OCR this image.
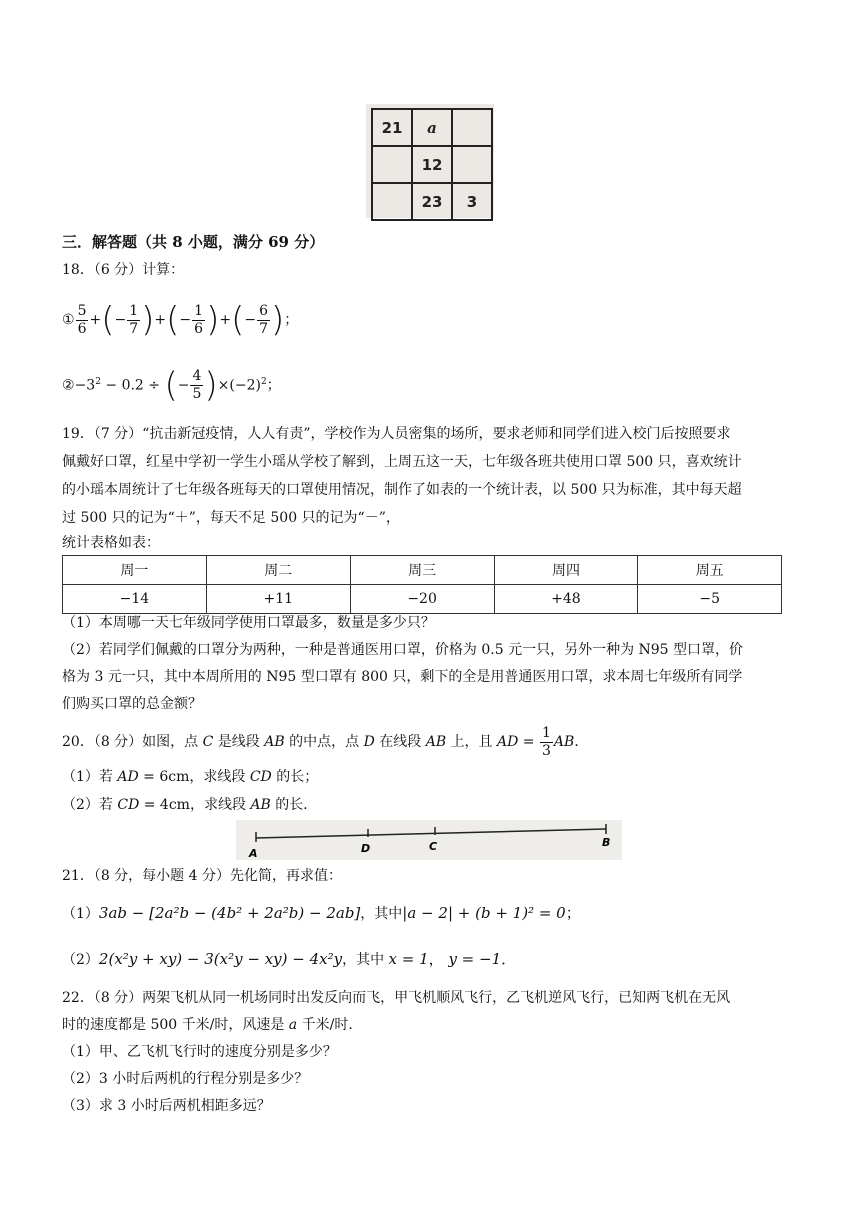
21	a	
	12	
	23	3
三．解答题（共 8 小题，满分 69 分）
18．（6 分）计算：
① $\frac{5}{6}$ +(− $\frac{1}{7}$ )+(− $\frac{1}{6}$ )+(− $\frac{6}{7}$ )；
$②-3^2 - 0.2$ ÷ (− $\frac{4}{5} )\times(-2)^2$；
19．（7 分）“抗击新冠疫情，人人有责”，学校作为人员密集的场所，要求老师和同学们进入校门后按照要求
佩戴好口罩，红星中学初一学生小瑶从学校了解到，上周五这一天，七年级各班共使用口罩 500 只，喜欢统计
的小瑶本周统计了七年级各班每天的口罩使用情况，制作了如表的一个统计表，以 500 只为标准，其中每天超
过 500 只的记为“＋”，每天不足 500 只的记为“－”，
统计表格如表：
周一	周二	周三	周四	周五
−14	+11	−20	+48	−5
（1）本周哪一天七年级同学使用口罩最多，数量是多少只？
（2）若同学们佩戴的口罩分为两种，一种是普通医用口罩，价格为 0.5 元一只，另外一种为 N95 型口罩，价
格为 3 元一只，其中本周所用的 N95 型口罩有 800 只，剩下的全是用普通医用口罩，求本周七年级所有同学
们购买口罩的总金额？
20．（8 分）如图，点 C 是线段 AB 的中点，点 D 在线段 AB 上，且 AD = $\frac{1}{3}$ AB．
（1）若 AD = 6cm，求线段 CD 的长；
（2）若 CD = 4cm，求线段 AB 的长．
A	D	C	B
21．（8 分，每小题 4 分）先化简，再求值：
（1）3ab − [2a²b − (4b² + 2a²b) − 2ab]，其中|a − 2| + (b + 1)² = 0；
（2）2(x²y + xy) − 3(x²y − xy) − 4x²y，其中 x = 1， y = −1．
22．（8 分）两架飞机从同一机场同时出发反向而飞，甲飞机顺风飞行，乙飞机逆风飞行，已知两飞机在无风
时的速度都是 500 千米/时，风速是 a 千米/时．
（1）甲、乙飞机飞行时的速度分别是多少？
（2）3 小时后两机的行程分别是多少？
（3）求 3 小时后两机相距多远？
